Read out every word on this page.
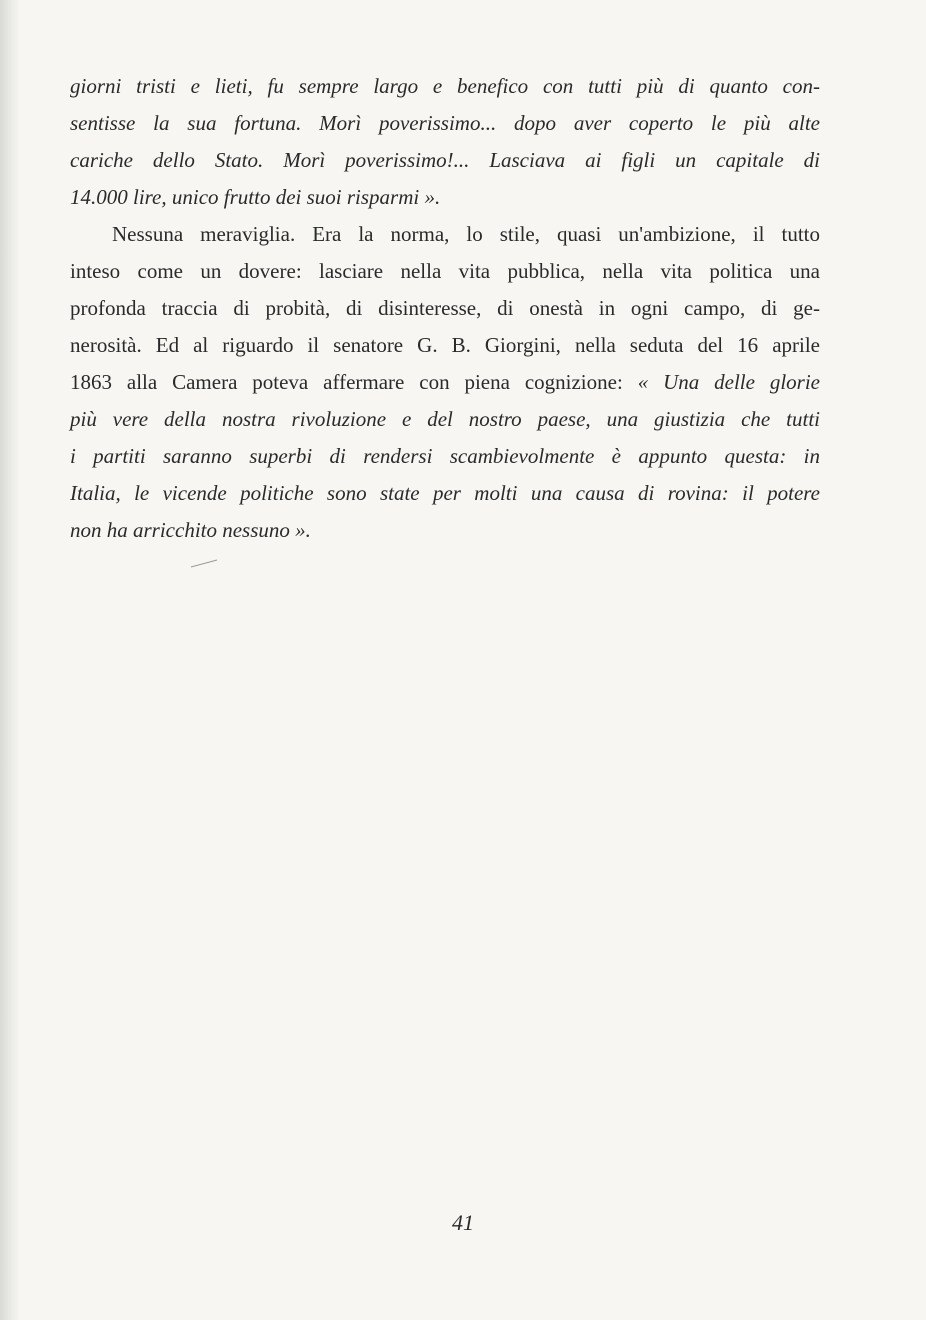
giorni tristi e lieti, fu sempre largo e benefico con tutti più di quanto con-
sentisse la sua fortuna. Morì poverissimo... dopo aver coperto le più alte
cariche dello Stato. Morì poverissimo!... Lasciava ai figli un capitale di
14.000 lire, unico frutto dei suoi risparmi ».
Nessuna meraviglia. Era la norma, lo stile, quasi un'ambizione, il tutto
inteso come un dovere: lasciare nella vita pubblica, nella vita politica una
profonda traccia di probità, di disinteresse, di onestà in ogni campo, di ge-
nerosità. Ed al riguardo il senatore G. B. Giorgini, nella seduta del 16 aprile
1863 alla Camera poteva affermare con piena cognizione: « Una delle glorie
più vere della nostra rivoluzione e del nostro paese, una giustizia che tutti
i partiti saranno superbi di rendersi scambievolmente è appunto questa: in
Italia, le vicende politiche sono state per molti una causa di rovina: il potere
non ha arricchito nessuno ».
41
